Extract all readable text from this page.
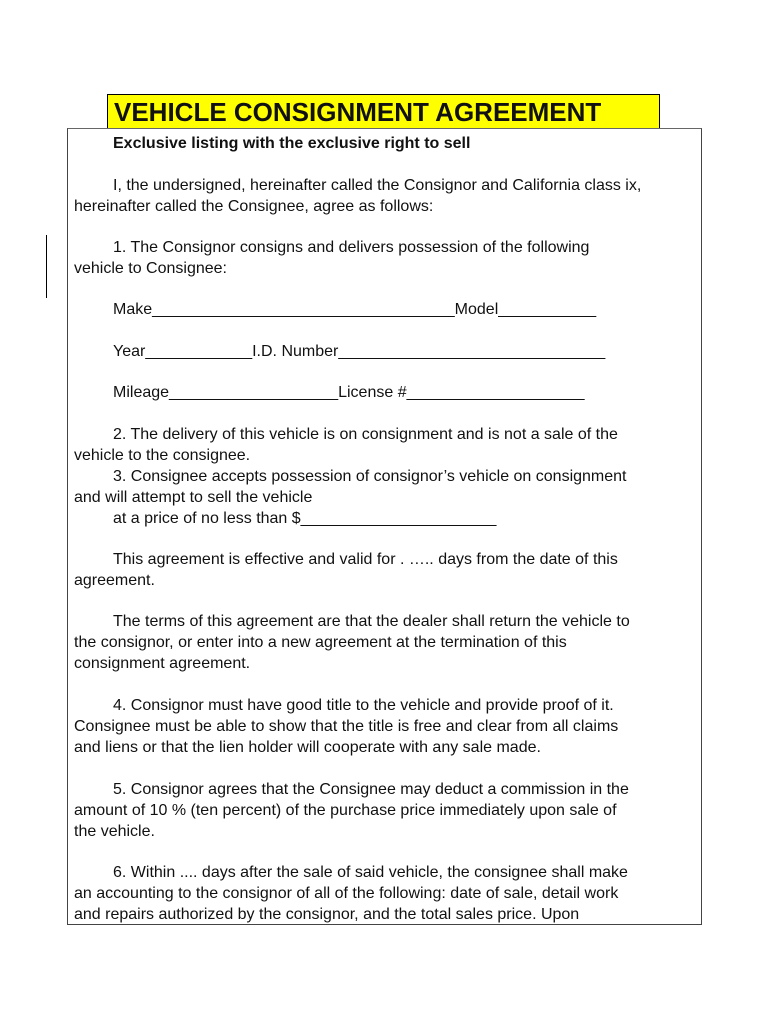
VEHICLE CONSIGNMENT AGREEMENT

Exclusive listing with the exclusive right to sell

I, the undersigned, hereinafter called the Consignor and California class ix,

hereinafter called the Consignee, agree as follows:

1. The Consignor consigns and delivers possession of the following

vehicle to Consignee:

Make__________________________________Model___________

Year____________I.D. Number______________________________

Mileage___________________License #____________________

2. The delivery of this vehicle is on consignment and is not a sale of the

vehicle to the consignee.

3. Consignee accepts possession of consignor’s vehicle on consignment

and will attempt to sell the vehicle

at a price of no less than $______________________

This agreement is effective and valid for . ….. days from the date of this

agreement.

The terms of this agreement are that the dealer shall return the vehicle to

the consignor, or enter into a new agreement at the termination of this

consignment agreement.

4. Consignor must have good title to the vehicle and provide proof of it.

Consignee must be able to show that the title is free and clear from all claims

and liens or that the lien holder will cooperate with any sale made.

5. Consignor agrees that the Consignee may deduct a commission in the

amount of 10 % (ten percent) of the purchase price immediately upon sale of

the vehicle.

6. Within .... days after the sale of said vehicle, the consignee shall make

an accounting to the consignor of all of the following: date of sale, detail work

and repairs authorized by the consignor, and the total sales price. Upon
